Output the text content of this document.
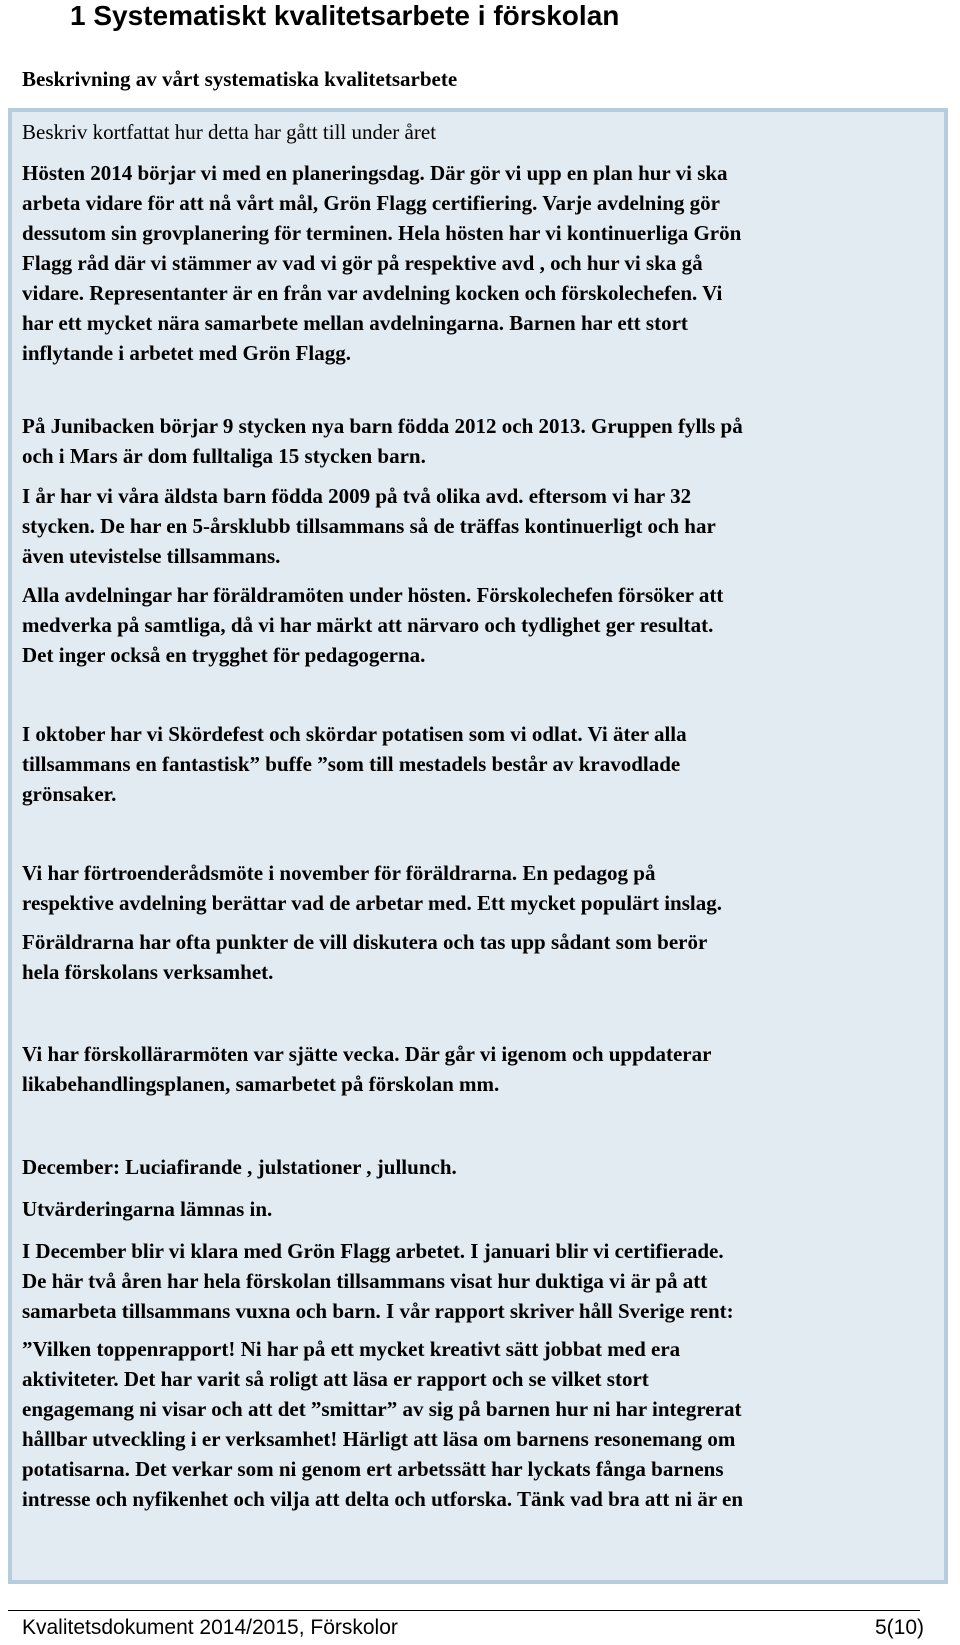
1 Systematiskt kvalitetsarbete i förskolan
Beskrivning av vårt systematiska kvalitetsarbete

Beskriv kortfattat hur detta har gått till under året

Hösten 2014 börjar vi med en planeringsdag. Där gör vi upp en plan hur vi ska
arbeta vidare för att nå vårt mål, Grön Flagg certifiering. Varje avdelning gör
dessutom sin grovplanering för terminen. Hela hösten har vi kontinuerliga Grön
Flagg råd där vi stämmer av vad vi gör på respektive avd , och hur vi ska gå
vidare. Representanter är en från var avdelning kocken och förskolechefen. Vi
har ett mycket nära samarbete mellan avdelningarna. Barnen har ett stort
inflytande i arbetet med Grön Flagg.

På Junibacken börjar 9 stycken nya barn födda 2012 och 2013. Gruppen fylls på
och i Mars är dom fulltaliga 15 stycken barn.

I år har vi våra äldsta barn födda 2009 på två olika avd. eftersom vi har 32
stycken. De har en 5-årsklubb tillsammans så de träffas kontinuerligt och har
även utevistelse tillsammans.

Alla avdelningar har föräldramöten under hösten. Förskolechefen försöker att
medverka på samtliga, då vi har märkt att närvaro och tydlighet ger resultat.
Det inger också en trygghet för pedagogerna.

I oktober har vi Skördefest och skördar potatisen som vi odlat. Vi äter alla
tillsammans en fantastisk” buffe ”som till mestadels består av kravodlade
grönsaker.

Vi har förtroenderådsmöte i november för föräldrarna. En pedagog på
respektive avdelning berättar vad de arbetar med. Ett mycket populärt inslag.

Föräldrarna har ofta punkter de vill diskutera och tas upp sådant som berör
hela förskolans verksamhet.

Vi har förskollärarmöten var sjätte vecka. Där går vi igenom och uppdaterar
likabehandlingsplanen, samarbetet på förskolan mm.

December: Luciafirande , julstationer , jullunch.

Utvärderingarna lämnas in.

I December blir vi klara med Grön Flagg arbetet. I januari blir vi certifierade.
De här två åren har hela förskolan tillsammans visat hur duktiga vi är på att
samarbeta tillsammans vuxna och barn. I vår rapport skriver håll Sverige rent:

”Vilken toppenrapport! Ni har på ett mycket kreativt sätt jobbat med era
aktiviteter. Det har varit så roligt att läsa er rapport och se vilket stort
engagemang ni visar och att det ”smittar” av sig på barnen hur ni har integrerat
hållbar utveckling i er verksamhet! Härligt att läsa om barnens resonemang om
potatisarna. Det verkar som ni genom ert arbetssätt har lyckats fånga barnens
intresse och nyfikenhet och vilja att delta och utforska. Tänk vad bra att ni är en

Kvalitetsdokument 2014/2015, Förskolor	5(10)
